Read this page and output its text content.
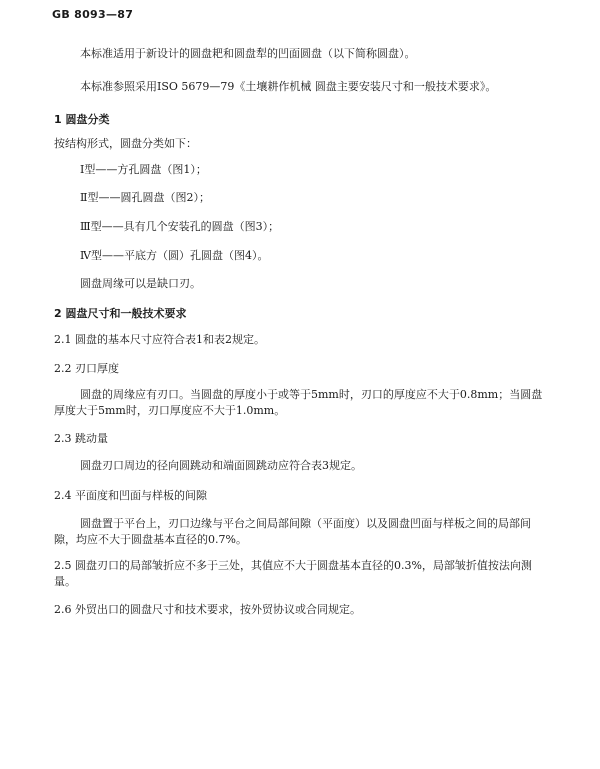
GB 8093—87

本标准适用于新设计的圆盘耙和圆盘犁的凹面圆盘（以下简称圆盘）。

本标准参照采用ISO 5679—79《土壤耕作机械 圆盘主要安装尺寸和一般技术要求》。

1 圆盘分类

按结构形式，圆盘分类如下：

Ⅰ型——方孔圆盘（图1）；

Ⅱ型——圆孔圆盘（图2）；

Ⅲ型——具有几个安装孔的圆盘（图3）；

Ⅳ型——平底方（圆）孔圆盘（图4）。

圆盘周缘可以是缺口刃。

2 圆盘尺寸和一般技术要求

2.1 圆盘的基本尺寸应符合表1和表2规定。

2.2 刃口厚度

圆盘的周缘应有刃口。当圆盘的厚度小于或等于5mm时，刃口的厚度应不大于0.8mm；当圆盘厚度大于5mm时，刃口厚度应不大于1.0mm。

2.3 跳动量

圆盘刃口周边的径向圆跳动和端面圆跳动应符合表3规定。

2.4 平面度和凹面与样板的间隙

圆盘置于平台上，刃口边缘与平台之间局部间隙（平面度）以及圆盘凹面与样板之间的局部间隙，均应不大于圆盘基本直径的0.7%。

2.5 圆盘刃口的局部皱折应不多于三处，其值应不大于圆盘基本直径的0.3%，局部皱折值按法向测量。

2.6 外贸出口的圆盘尺寸和技术要求，按外贸协议或合同规定。
